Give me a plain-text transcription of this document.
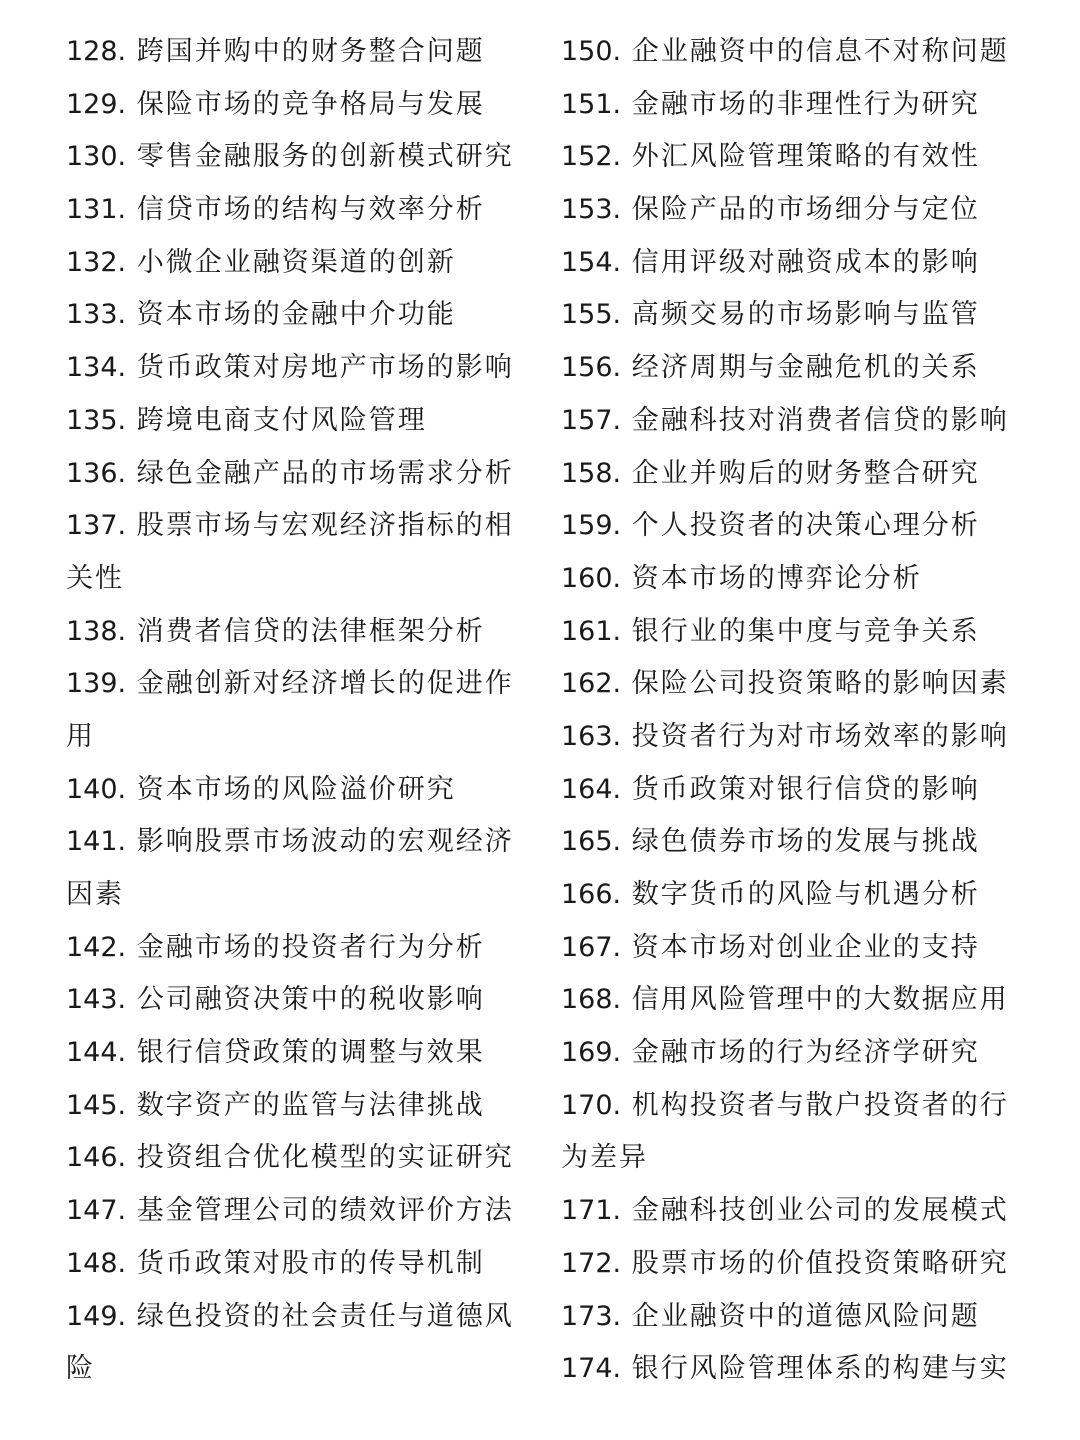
128. 跨国并购中的财务整合问题
129. 保险市场的竞争格局与发展
130. 零售金融服务的创新模式研究
131. 信贷市场的结构与效率分析
132. 小微企业融资渠道的创新
133. 资本市场的金融中介功能
134. 货币政策对房地产市场的影响
135. 跨境电商支付风险管理
136. 绿色金融产品的市场需求分析
137. 股票市场与宏观经济指标的相
关性
138. 消费者信贷的法律框架分析
139. 金融创新对经济增长的促进作
用
140. 资本市场的风险溢价研究
141. 影响股票市场波动的宏观经济
因素
142. 金融市场的投资者行为分析
143. 公司融资决策中的税收影响
144. 银行信贷政策的调整与效果
145. 数字资产的监管与法律挑战
146. 投资组合优化模型的实证研究
147. 基金管理公司的绩效评价方法
148. 货币政策对股市的传导机制
149. 绿色投资的社会责任与道德风
险
150. 企业融资中的信息不对称问题
151. 金融市场的非理性行为研究
152. 外汇风险管理策略的有效性
153. 保险产品的市场细分与定位
154. 信用评级对融资成本的影响
155. 高频交易的市场影响与监管
156. 经济周期与金融危机的关系
157. 金融科技对消费者信贷的影响
158. 企业并购后的财务整合研究
159. 个人投资者的决策心理分析
160. 资本市场的博弈论分析
161. 银行业的集中度与竞争关系
162. 保险公司投资策略的影响因素
163. 投资者行为对市场效率的影响
164. 货币政策对银行信贷的影响
165. 绿色债券市场的发展与挑战
166. 数字货币的风险与机遇分析
167. 资本市场对创业企业的支持
168. 信用风险管理中的大数据应用
169. 金融市场的行为经济学研究
170. 机构投资者与散户投资者的行
为差异
171. 金融科技创业公司的发展模式
172. 股票市场的价值投资策略研究
173. 企业融资中的道德风险问题
174. 银行风险管理体系的构建与实
